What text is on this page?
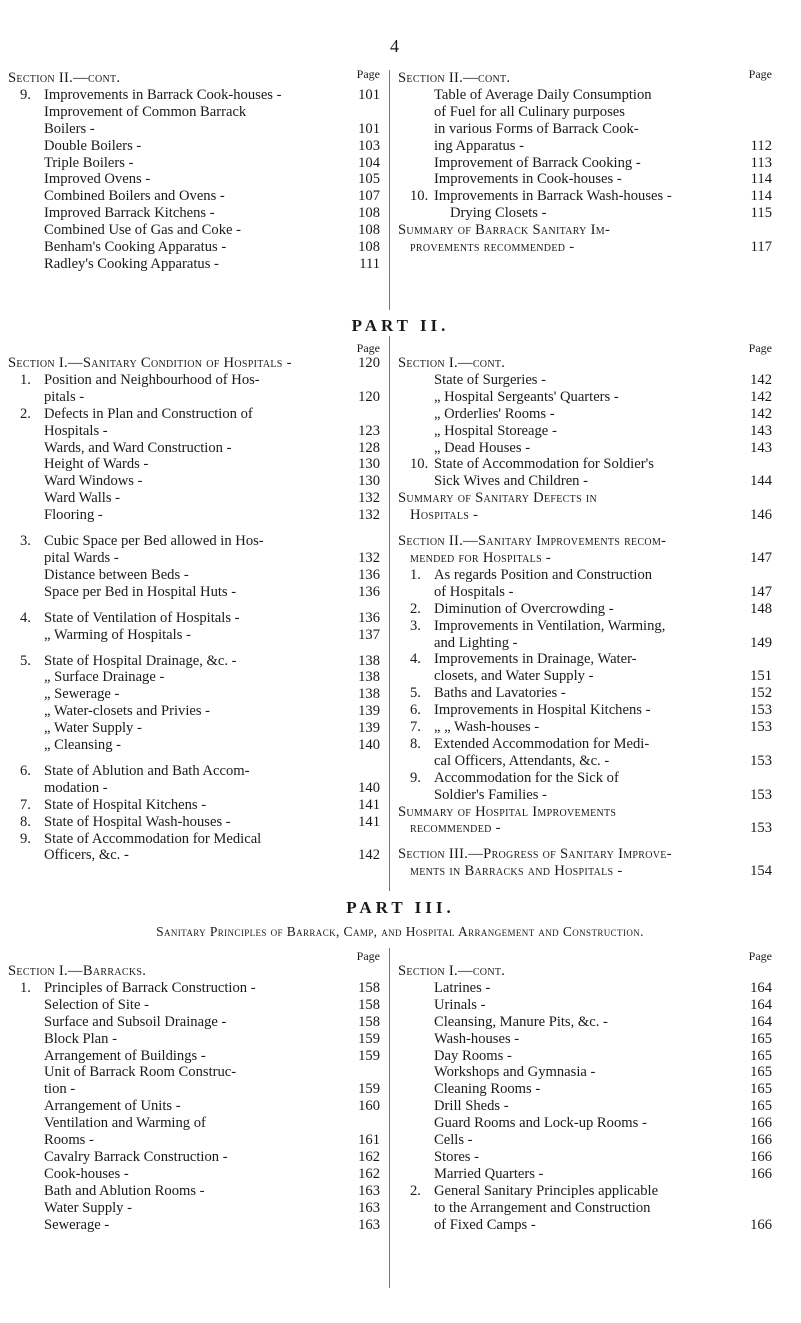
4
Page
Section II.—cont.
9. Improvements in Barrack Cook-houses -	101
Improvement of Common Barrack
Boilers -	101
Double Boilers -	103
Triple Boilers -	104
Improved Ovens -	105
Combined Boilers and Ovens -	107
Improved Barrack Kitchens -	108
Combined Use of Gas and Coke -	108
Benham's Cooking Apparatus -	108
Radley's Cooking Apparatus -	111
Page
Section II.—cont.
Table of Average Daily Consumption
of Fuel for all Culinary purposes
in various Forms of Barrack Cook-
ing Apparatus -	112
Improvement of Barrack Cooking -	113
Improvements in Cook-houses -	114
10. Improvements in Barrack Wash-houses -	114
Drying Closets -	115
Summary of Barrack Sanitary Im-
provements recommended -	117
PART II.
Page
Section I.—Sanitary Condition of Hospitals -	120
1. Position and Neighbourhood of Hos-
pitals -	120
2. Defects in Plan and Construction of
Hospitals -	123
Wards, and Ward Construction -	128
Height of Wards -	130
Ward Windows -	130
Ward Walls -	132
Flooring -	132
3. Cubic Space per Bed allowed in Hos-
pital Wards -	132
Distance between Beds -	136
Space per Bed in Hospital Huts -	136
4. State of Ventilation of Hospitals -	136
„ Warming of Hospitals -	137
5. State of Hospital Drainage, &c. -	138
„ Surface Drainage -	138
„ Sewerage -	138
„ Water-closets and Privies -	139
„ Water Supply -	139
„ Cleansing -	140
6. State of Ablution and Bath Accom-
modation -	140
7. State of Hospital Kitchens -	141
8. State of Hospital Wash-houses -	141
9. State of Accommodation for Medical
Officers, &c. -	142
Page
Section I.—cont.
State of Surgeries -	142
„ Hospital Sergeants' Quarters -	142
„ Orderlies' Rooms -	142
„ Hospital Storeage -	143
„ Dead Houses -	143
10. State of Accommodation for Soldier's
Sick Wives and Children -	144
Summary of Sanitary Defects in
Hospitals -	146
Section II.—Sanitary Improvements recom-
mended for Hospitals -	147
1. As regards Position and Construction
of Hospitals -	147
2. Diminution of Overcrowding -	148
3. Improvements in Ventilation, Warming,
and Lighting -	149
4. Improvements in Drainage, Water-
closets, and Water Supply -	151
5. Baths and Lavatories -	152
6. Improvements in Hospital Kitchens -	153
7. „ „ Wash-houses -	153
8. Extended Accommodation for Medi-
cal Officers, Attendants, &c. -	153
9. Accommodation for the Sick of
Soldier's Families -	153
Summary of Hospital Improvements
recommended -	153
Section III.—Progress of Sanitary Improve-
ments in Barracks and Hospitals -	154
PART III.
Sanitary Principles of Barrack, Camp, and Hospital Arrangement and Construction.
Page
Section I.—Barracks.
1. Principles of Barrack Construction -	158
Selection of Site -	158
Surface and Subsoil Drainage -	158
Block Plan -	159
Arrangement of Buildings -	159
Unit of Barrack Room Construc-
tion -	159
Arrangement of Units -	160
Ventilation and Warming of
Rooms -	161
Cavalry Barrack Construction -	162
Cook-houses -	162
Bath and Ablution Rooms -	163
Water Supply -	163
Sewerage -	163
Page
Section I.—cont.
Latrines -	164
Urinals -	164
Cleansing, Manure Pits, &c. -	164
Wash-houses -	165
Day Rooms -	165
Workshops and Gymnasia -	165
Cleaning Rooms -	165
Drill Sheds -	165
Guard Rooms and Lock-up Rooms -	166
Cells -	166
Stores -	166
Married Quarters -	166
2. General Sanitary Principles applicable
to the Arrangement and Construction
of Fixed Camps -	166
